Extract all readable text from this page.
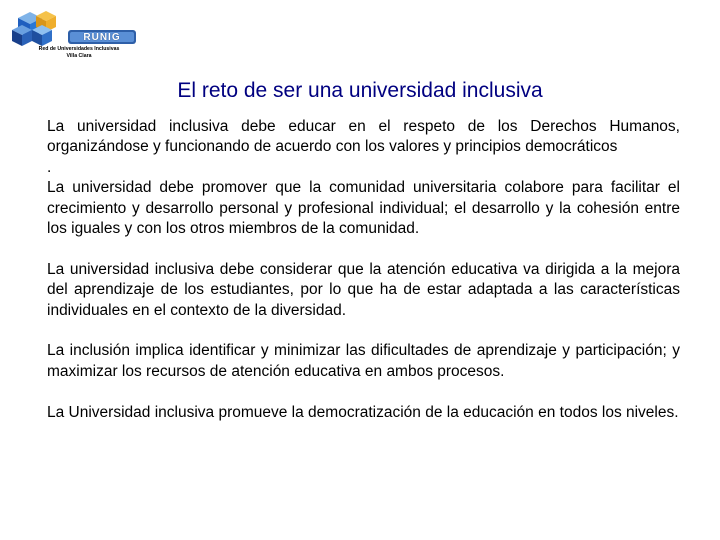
RUNIG
Red de Universidades Inclusivas
Villa Clara
El reto de ser una universidad inclusiva

La universidad inclusiva debe educar en el respeto de los Derechos Humanos, organizándose y funcionando de acuerdo con los valores y principios democráticos

.

La universidad debe promover que la comunidad universitaria colabore para facilitar el crecimiento y desarrollo personal y profesional individual; el desarrollo y la cohesión entre los iguales y con los otros miembros de la comunidad.

La universidad inclusiva debe considerar que la atención educativa va dirigida a la mejora del aprendizaje de los estudiantes, por lo que ha de estar adaptada a las características individuales en el contexto de la diversidad.

La inclusión implica identificar y minimizar las dificultades de aprendizaje y participación; y maximizar los recursos de atención educativa en ambos procesos.

La Universidad inclusiva promueve la democratización de la educación en todos los niveles.
